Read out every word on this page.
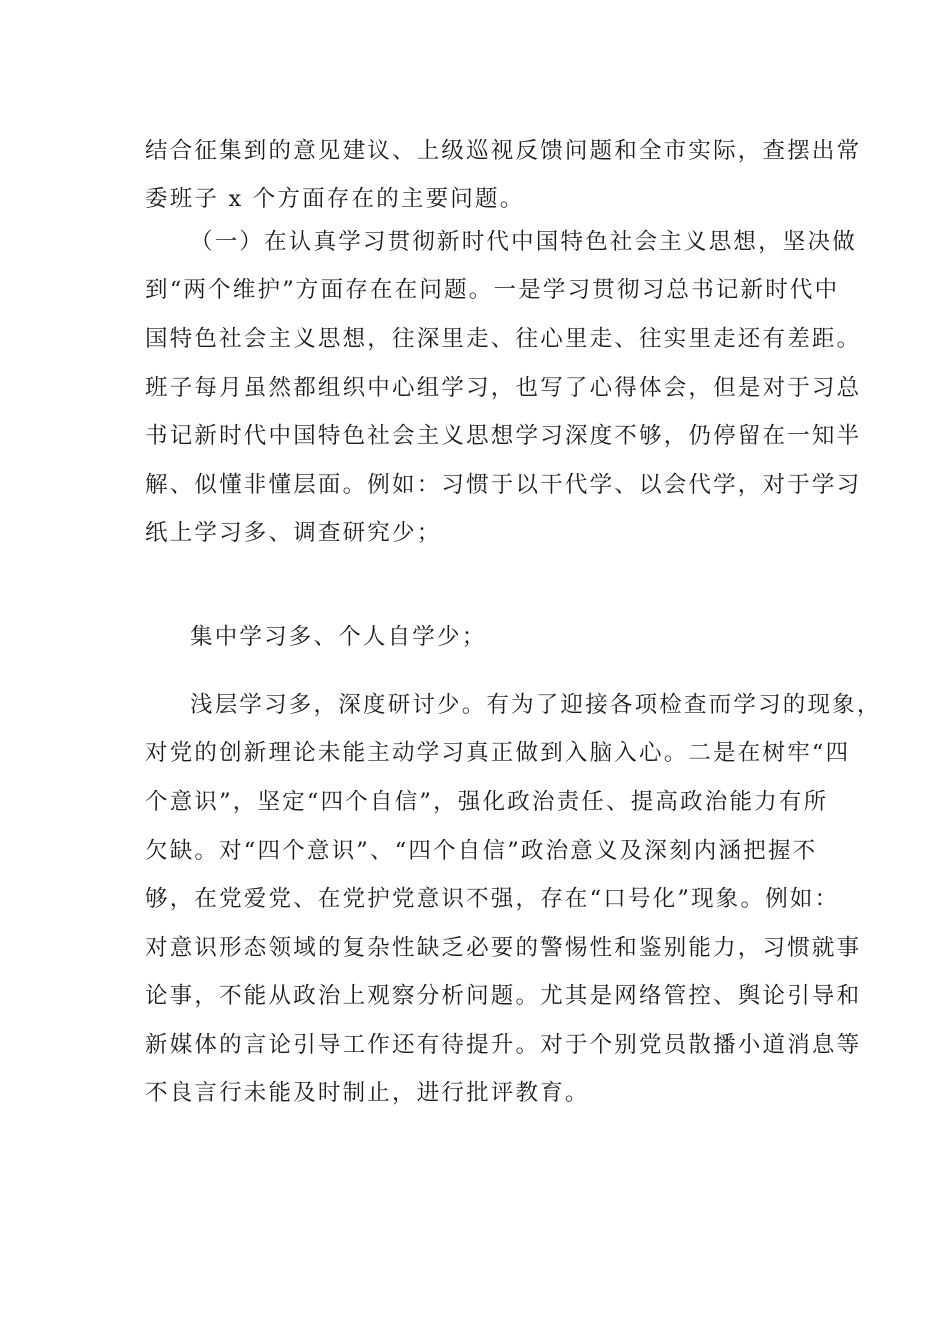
结合征集到的意见建议、上级巡视反馈问题和全市实际，查摆出常
委班子 x 个方面存在的主要问题。
（一）在认真学习贯彻新时代中国特色社会主义思想，坚决做
到“两个维护”方面存在在问题。一是学习贯彻习总书记新时代中
国特色社会主义思想，往深里走、往心里走、往实里走还有差距。
班子每月虽然都组织中心组学习，也写了心得体会，但是对于习总
书记新时代中国特色社会主义思想学习深度不够，仍停留在一知半
解、似懂非懂层面。例如：习惯于以干代学、以会代学，对于学习
纸上学习多、调查研究少；
集中学习多、个人自学少；
浅层学习多，深度研讨少。有为了迎接各项检查而学习的现象，
对党的创新理论未能主动学习真正做到入脑入心。二是在树牢“四
个意识”，坚定“四个自信”，强化政治责任、提高政治能力有所
欠缺。对“四个意识”、“四个自信”政治意义及深刻内涵把握不
够，在党爱党、在党护党意识不强，存在“口号化”现象。例如：
对意识形态领域的复杂性缺乏必要的警惕性和鉴别能力，习惯就事
论事，不能从政治上观察分析问题。尤其是网络管控、舆论引导和
新媒体的言论引导工作还有待提升。对于个别党员散播小道消息等
不良言行未能及时制止，进行批评教育。
